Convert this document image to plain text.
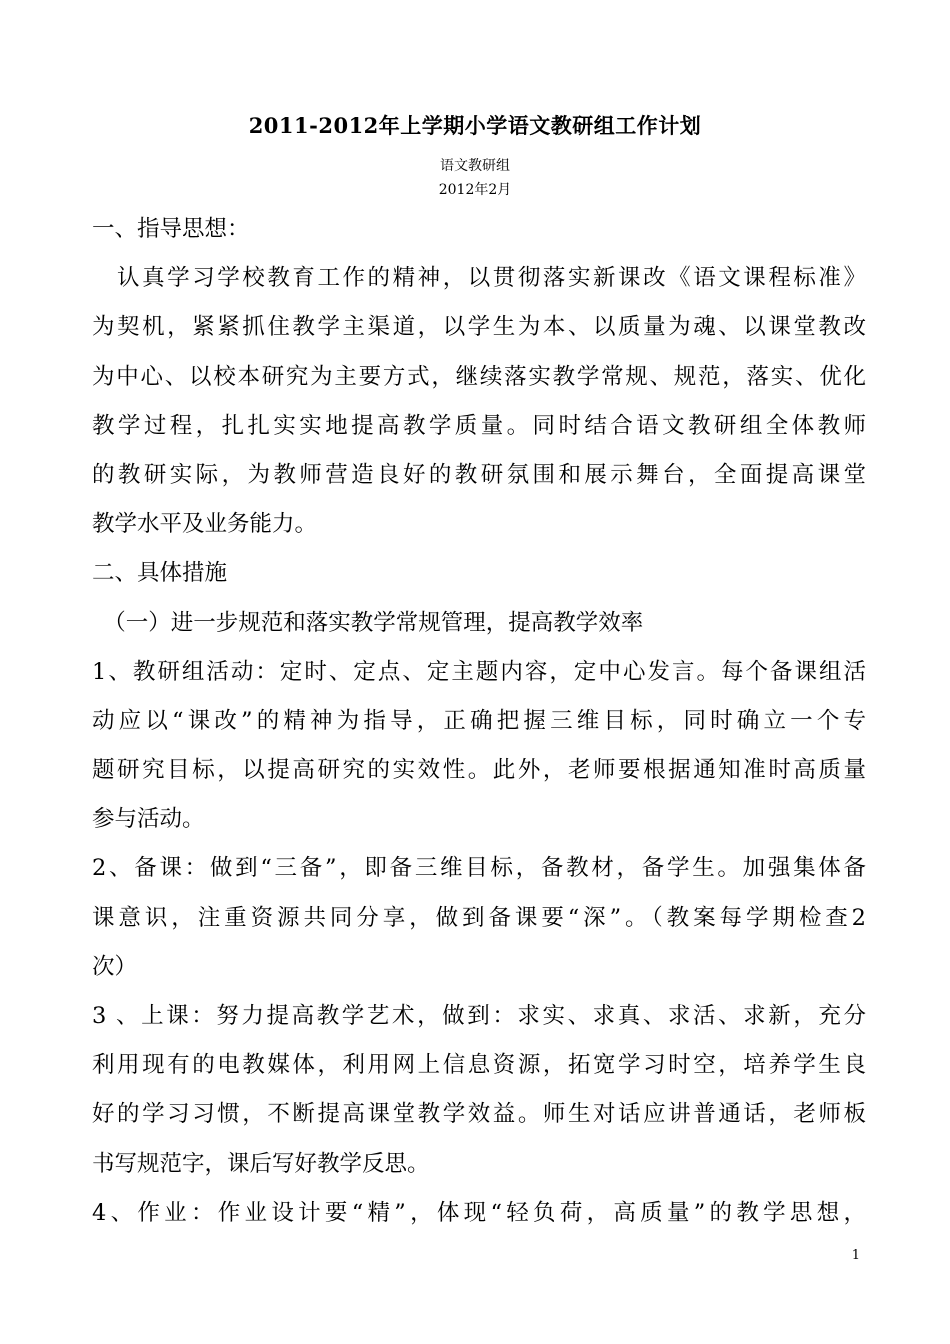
2011-2012年上学期小学语文教研组工作计划
语文教研组
2012年2月
一、指导思想：
　认真学习学校教育工作的精神，以贯彻落实新课改《语文课程标准》
为契机，紧紧抓住教学主渠道，以学生为本、以质量为魂、以课堂教改
为中心、以校本研究为主要方式，继续落实教学常规、规范，落实、优化
教学过程，扎扎实实地提高教学质量。同时结合语文教研组全体教师
的教研实际，为教师营造良好的教研氛围和展示舞台，全面提高课堂
教学水平及业务能力。
二、具体措施
　（一）进一步规范和落实教学常规管理，提高教学效率
1、教研组活动：定时、定点、定主题内容，定中心发言。每个备课组活
动应以“课改”的精神为指导，正确把握三维目标，同时确立一个专
题研究目标，以提高研究的实效性。此外，老师要根据通知准时高质量
参与活动。
2、备课：做到“三备”，即备三维目标，备教材，备学生。加强集体备
课意识，注重资源共同分享，做到备课要“深”。（教案每学期检查2
次）
3 、上课：努力提高教学艺术，做到：求实、求真、求活、求新，充分
利用现有的电教媒体，利用网上信息资源，拓宽学习时空，培养学生良
好的学习习惯，不断提高课堂教学效益。师生对话应讲普通话，老师板
书写规范字，课后写好教学反思。
4、作业：作业设计要“精”，体现“轻负荷，高质量”的教学思想，
1
